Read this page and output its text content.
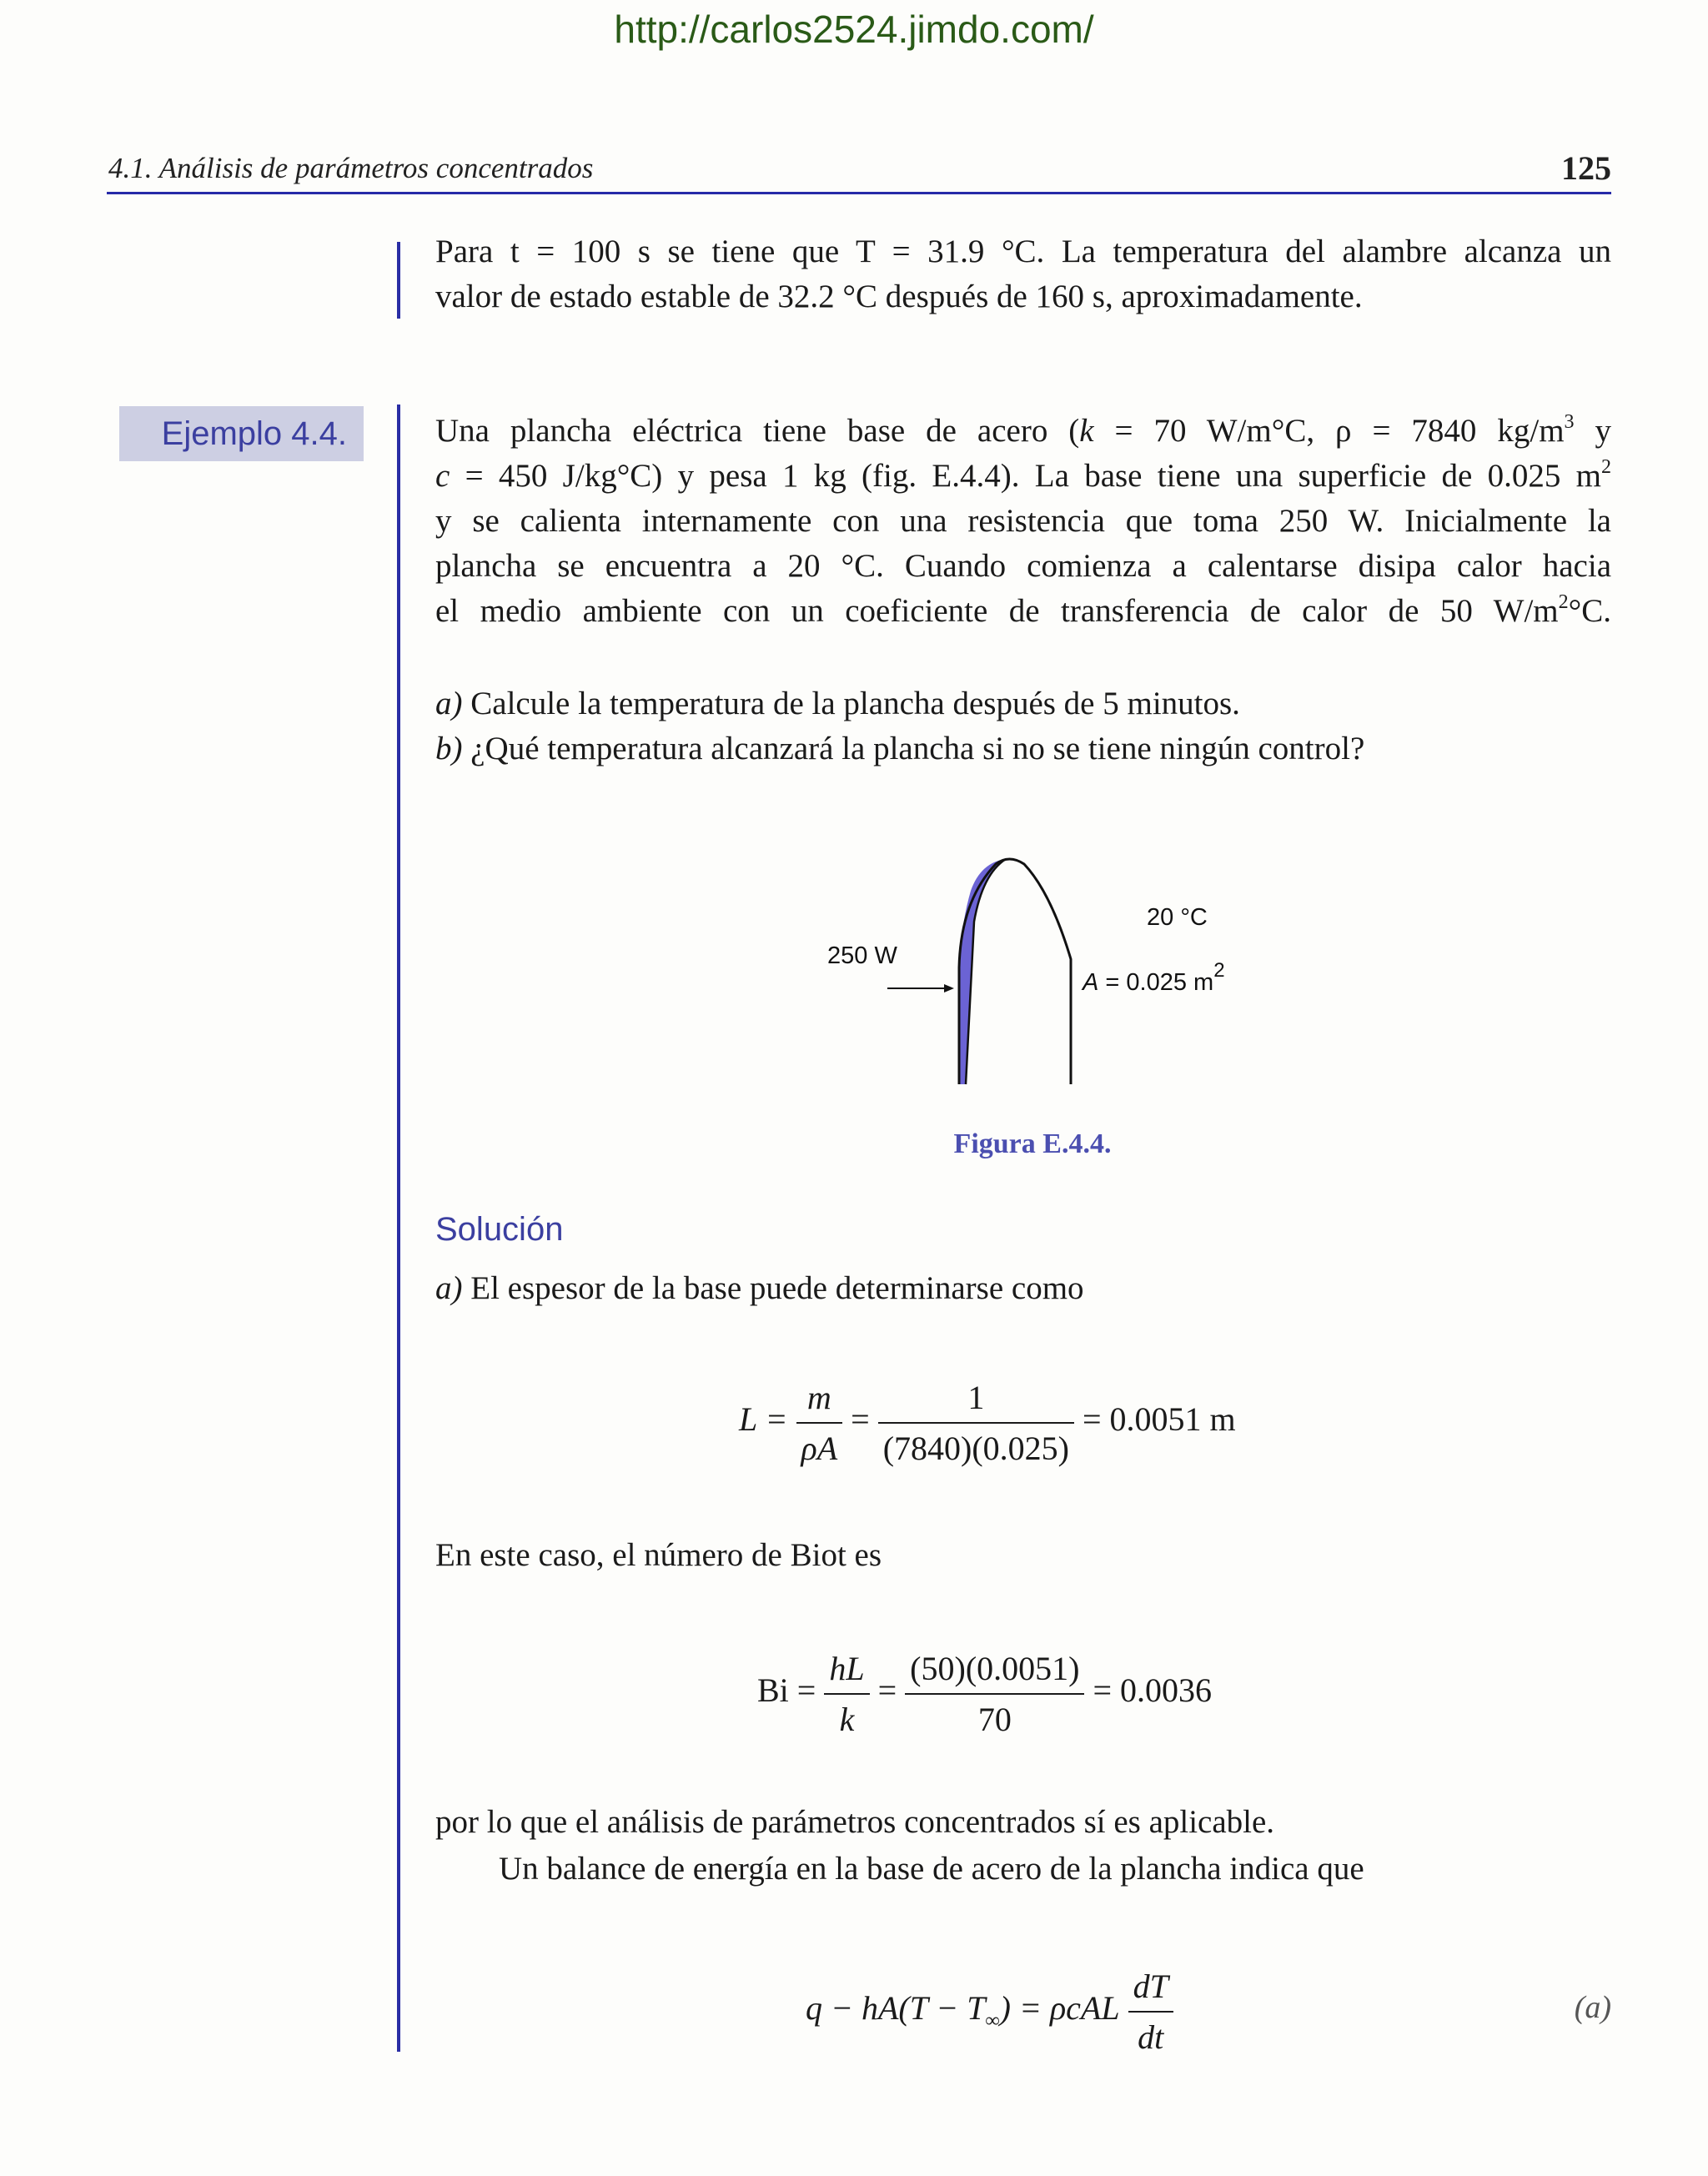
http://carlos2524.jimdo.com/
4.1. Análisis de parámetros concentrados	125
Para t = 100 s se tiene que T = 31.9 °C. La temperatura del alambre alcanza un
valor de estado estable de 32.2 °C después de 160 s, aproximadamente.
Ejemplo 4.4.	Una plancha eléctrica tiene base de acero (k = 70 W/m°C, ρ = 7840 $kg/m^3$ y
c = 450 J/kg°C) y pesa 1 kg (fig. E.4.4). La base tiene una superficie de 0.025 $m^2$
y se calienta internamente con una resistencia que toma 250 W. Inicialmente la
plancha se encuentra a 20 °C. Cuando comienza a calentarse disipa calor hacia
el medio ambiente con un coeficiente de transferencia de calor de 50 $W/m^2^\circ C$.
a) Calcule la temperatura de la plancha después de 5 minutos.
b) ¿Qué temperatura alcanzará la plancha si no se tiene ningún control?
250 W
20 °C
A = 0.025 $m^2$
Figura E.4.4.
Solución
a) El espesor de la base puede determinarse como
$L = \frac{m}{\rho A} = \frac{1}{(7840)(0.025)} = 0.0051$ m
En este caso, el número de Biot es
$Bi = \frac{hL}{k} = \frac{(50)(0.0051)}{70} = 0.0036$
por lo que el análisis de parámetros concentrados sí es aplicable.
Un balance de energía en la base de acero de la plancha indica que
$q - hA(T - T_\infty) = \rho cAL \frac{dT}{dt}$	(a)
